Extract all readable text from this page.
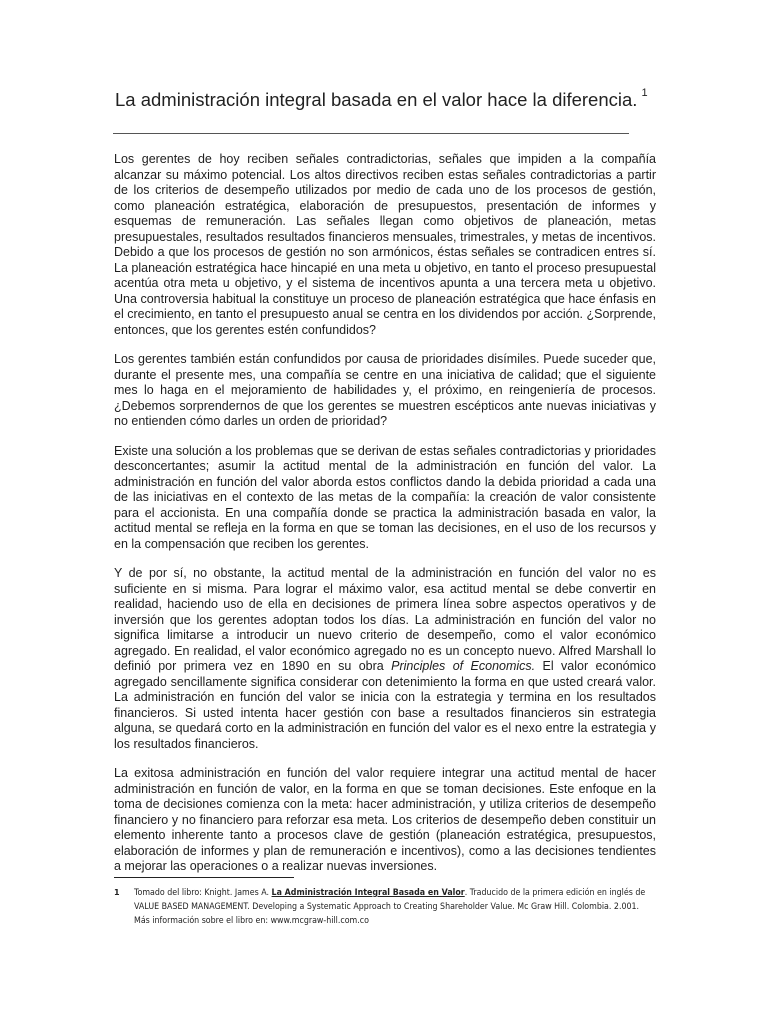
La administración integral basada en el valor hace la diferencia. $^1$

Los gerentes de hoy reciben señales contradictorias, señales que impiden a la compañía alcanzar su máximo potencial. Los altos directivos reciben estas señales contradictorias a partir de los criterios de desempeño utilizados por medio de cada uno de los procesos de gestión, como planeación estratégica, elaboración de presupuestos, presentación de informes y esquemas de remuneración. Las señales llegan como objetivos de planeación, metas presupuestales, resultados resultados financieros mensuales, trimestrales, y metas de incentivos. Debido a que los procesos de gestión no son armónicos, éstas señales se contradicen entres sí. La planeación estratégica hace hincapié en una meta u objetivo, en tanto el proceso presupuestal acentúa otra meta u objetivo, y el sistema de incentivos apunta a una tercera meta u objetivo. Una controversia habitual la constituye un proceso de planeación estratégica que hace énfasis en el crecimiento, en tanto el presupuesto anual se centra en los dividendos por acción. ¿Sorprende, entonces, que los gerentes estén confundidos?

Los gerentes también están confundidos por causa de prioridades disímiles. Puede suceder que, durante el presente mes, una compañía se centre en una iniciativa de calidad; que el siguiente mes lo haga en el mejoramiento de habilidades y, el próximo, en reingeniería de procesos. ¿Debemos sorprendernos de que los gerentes se muestren escépticos ante nuevas iniciativas y no entienden cómo darles un orden de prioridad?

Existe una solución a los problemas que se derivan de estas señales contradictorias y prioridades desconcertantes; asumir la actitud mental de la administración en función del valor. La administración en función del valor aborda estos conflictos dando la debida prioridad a cada una de las iniciativas en el contexto de las metas de la compañía: la creación de valor consistente para el accionista. En una compañía donde se practica la administración basada en valor, la actitud mental se refleja en la forma en que se toman las decisiones, en el uso de los recursos y en la compensación que reciben los gerentes.

Y de por sí, no obstante, la actitud mental de la administración en función del valor no es suficiente en si misma. Para lograr el máximo valor, esa actitud mental se debe convertir en realidad, haciendo uso de ella en decisiones de primera línea sobre aspectos operativos y de inversión que los gerentes adoptan todos los días. La administración en función del valor no significa limitarse a introducir un nuevo criterio de desempeño, como el valor económico agregado. En realidad, el valor económico agregado no es un concepto nuevo. Alfred Marshall lo definió por primera vez en 1890 en su obra Principles of Economics. El valor económico agregado sencillamente significa considerar con detenimiento la forma en que usted creará valor. La administración en función del valor se inicia con la estrategia y termina en los resultados financieros. Si usted intenta hacer gestión con base a resultados financieros sin estrategia alguna, se quedará corto en la administración en función del valor es el nexo entre la estrategia y los resultados financieros.

La exitosa administración en función del valor requiere integrar una actitud mental de hacer administración en función de valor, en la forma en que se toman decisiones. Este enfoque en la toma de decisiones comienza con la meta: hacer administración, y utiliza criterios de desempeño financiero y no financiero para reforzar esa meta. Los criterios de desempeño deben constituir un elemento inherente tanto a procesos clave de gestión (planeación estratégica, presupuestos, elaboración de informes y plan de remuneración e incentivos), como a las decisiones tendientes a mejorar las operaciones o a realizar nuevas inversiones.

1 Tomado del libro: Knight. James A. La Administración Integral Basada en Valor. Traducido de la primera edición en inglés de VALUE BASED MANAGEMENT. Developing a Systematic Approach to Creating Shareholder Value. Mc Graw Hill. Colombia. 2.001. Más información sobre el libro en: www.mcgraw-hill.com.co
